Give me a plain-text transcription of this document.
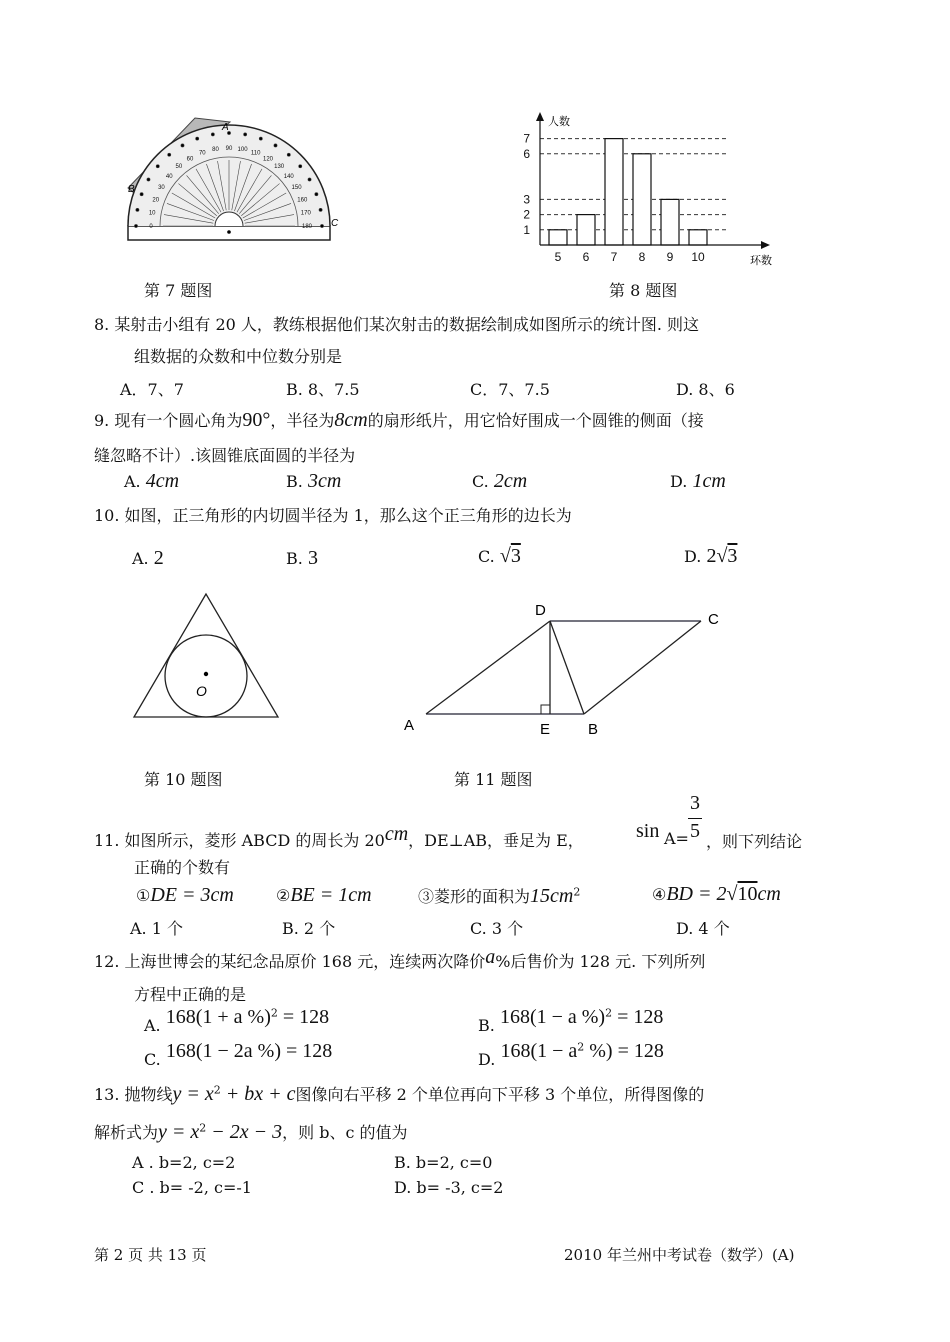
0
10
20
30
40
50
60
70
80 90 100
110
120
130
140
150
160
170
180
A
B
C
第 7 题图
1
2
3
6
7
5 6 7 8 9 10
人数
环数
第 8 题图
8. 某射击小组有 20 人，教练根据他们某次射击的数据绘制成如图所示的统计图. 则这
组数据的众数和中位数分别是
A．7、7	B. 8、7.5	C．7、7.5	D. 8、6
9. 现有一个圆心角为90°，半径为8cm的扇形纸片，用它恰好围成一个圆锥的侧面（接
缝忽略不计）.该圆锥底面圆的半径为
A. 4cm	B. 3cm	C. 2cm	D. 1cm
10. 如图，正三角形的内切圆半径为 1，那么这个正三角形的边长为
A. 2	B. 3	C. √3	D. 2√3
O
第 10 题图
A	B
C
D
E
第 11 题图
11. 如图所示，菱形 ABCD 的周长为 20cm，DE⊥AB，垂足为 E，	sin A=
3
5 ，则下列结论
正确的个数有
①DE = 3cm	②BE = 1cm	③菱形的面积为$15cm^2$	④BD = 2√10cm
A. 1 个	B. 2 个	C. 3 个	D. 4 个
12. 上海世博会的某纪念品原价 168 元，连续两次降价a%后售价为 128 元. 下列所列
方程中正确的是
A. 168(1 + a %)$^2$ = 128	B. 168(1 − a %)$^2$ = 128
C. 168(1 − 2a %) = 128	D. $168(1 - a^2$ %) = 128
13. 抛物线$y = x^2$ + bx + c图像向右平移 2 个单位再向下平移 3 个单位，所得图像的
解析式为$y = x^2 - 2x - 3$，则 b、c 的值为
A . b=2, c=2	B. b=2, c=0
C . b= -2, c=-1	D. b= -3, c=2
第 2 页 共 13 页	2010 年兰州中考试卷（数学）(A)
